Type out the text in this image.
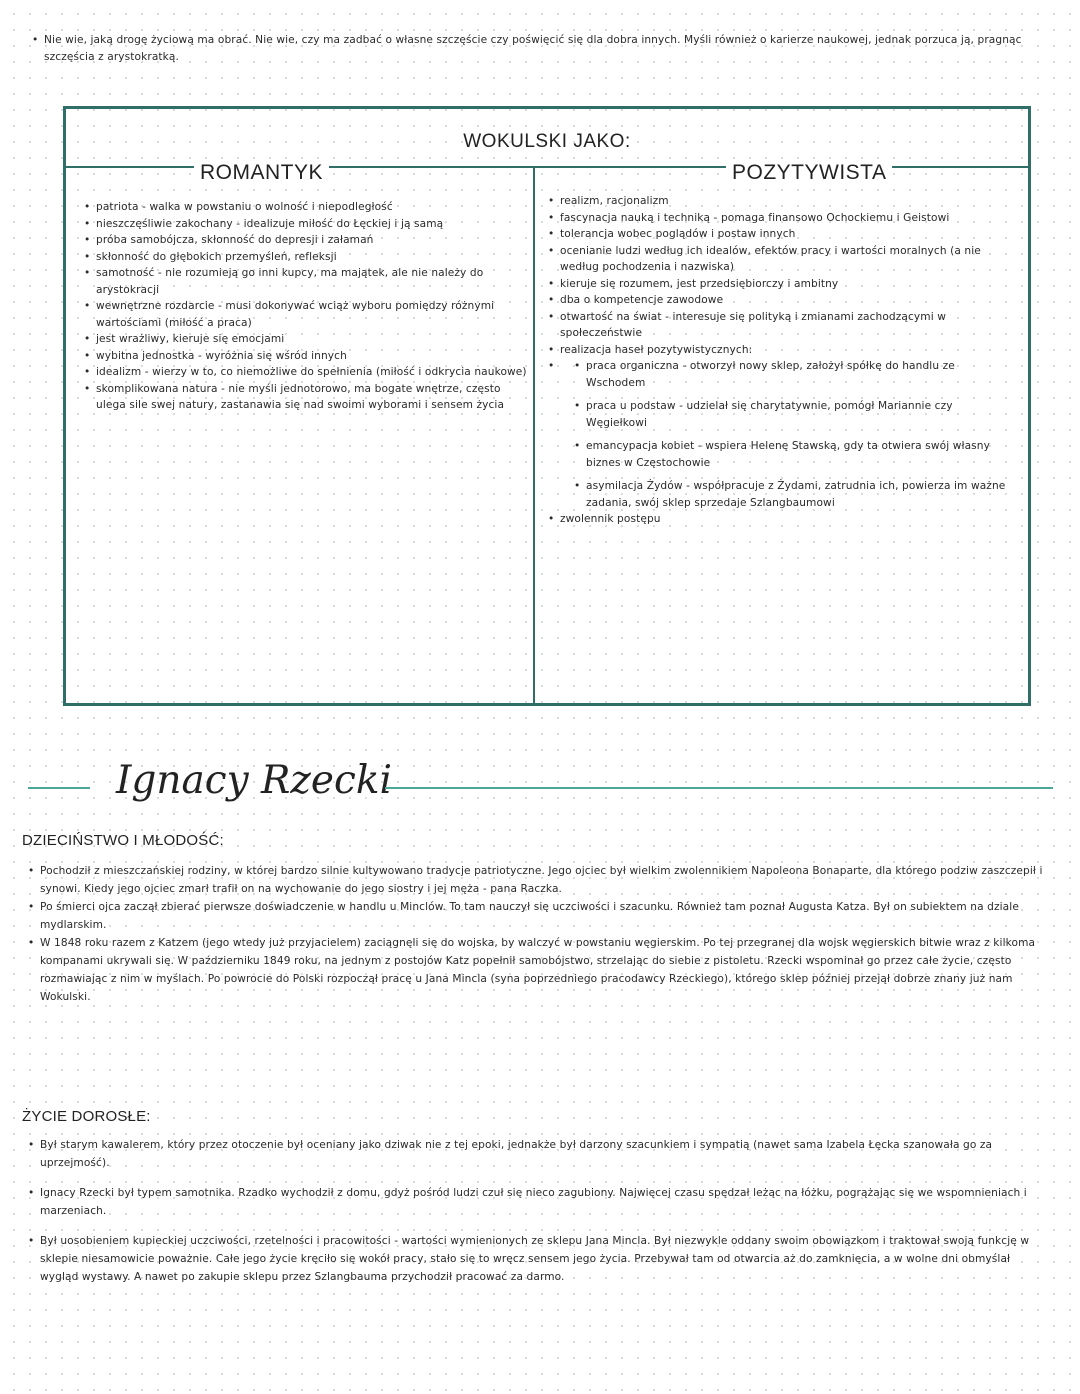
• Nie wie, jaką drogę życiową ma obrać. Nie wie, czy ma zadbać o własne szczęście czy poświęcić się dla dobra innych. Myśli również o karierze naukowej, jednak porzuca ją, pragnąc szczęścia z arystokratką.
WOKULSKI JAKO:
ROMANTYK	POZYTYWISTA
• patriota - walka w powstaniu o wolność i niepodległość
• nieszczęśliwie zakochany - idealizuje miłość do Łęckiej i ją samą
• próba samobójcza, skłonność do depresji i załamań
• skłonność do głębokich przemyśleń, refleksji
• samotność - nie rozumieją go inni kupcy, ma majątek, ale nie należy do arystokracji
• wewnętrzne rozdarcie - musi dokonywać wciąż wyboru pomiędzy różnymi wartościami (miłość a praca)
• jest wrażliwy, kieruje się emocjami
• wybitna jednostka - wyróżnia się wśród innych
• idealizm - wierzy w to, co niemożliwe do spełnienia (miłość i odkrycia naukowe)
• skomplikowana natura - nie myśli jednotorowo, ma bogate wnętrze, często ulega sile swej natury, zastanawia się nad swoimi wyborami i sensem życia
• realizm, racjonalizm
• fascynacja nauką i techniką - pomaga finansowo Ochockiemu i Geistowi
• tolerancja wobec poglądów i postaw innych
• ocenianie ludzi według ich idealów, efektów pracy i wartości moralnych (a nie według pochodzenia i nazwiska)
• kieruje się rozumem, jest przedsiębiorczy i ambitny
• dba o kompetencje zawodowe
• otwartość na świat - interesuje się polityką i zmianami zachodzącymi w społeczeństwie
• realizacja haseł pozytywistycznych:
• • praca organiczna - otworzył nowy sklep, założył spółkę do handlu ze Wschodem
• praca u podstaw - udzielał się charytatywnie, pomógł Mariannie czy Węgiełkowi
• emancypacja kobiet - wspiera Helenę Stawską, gdy ta otwiera swój własny biznes w Częstochowie
• asymilacja Żydów - współpracuje z Żydami, zatrudnia ich, powierza im ważne zadania, swój sklep sprzedaje Szlangbaumowi
• zwolennik postępu
Ignacy Rzecki
DZIECIŃSTWO I MŁODOŚĆ:
• Pochodził z mieszczańskiej rodziny, w której bardzo silnie kultywowano tradycje patriotyczne. Jego ojciec był wielkim zwolennikiem Napoleona Bonaparte, dla którego podziw zaszczepił i synowi. Kiedy jego ojciec zmarł trafił on na wychowanie do jego siostry i jej męża - pana Raczka.
• Po śmierci ojca zaczął zbierać pierwsze doświadczenie w handlu u Minclów. To tam nauczył się uczciwości i szacunku. Również tam poznał Augusta Katza. Był on subiektem na dziale mydlarskim.
• W 1848 roku razem z Katzem (jego wtedy już przyjacielem) zaciągnęli się do wojska, by walczyć w powstaniu węgierskim. Po tej przegranej dla wojsk węgierskich bitwie wraz z kilkoma kompanami ukrywali się. W październiku 1849 roku, na jednym z postojów Katz popełnił samobójstwo, strzelając do siebie z pistoletu. Rzecki wspominał go przez całe życie, często rozmawiając z nim w myślach. Po powrocie do Polski rozpoczął pracę u Jana Mincla (syna poprzedniego pracodawcy Rzeckiego), którego sklep później przejął dobrze znany już nam Wokulski.
ŻYCIE DOROSŁE:
• Był starym kawalerem, który przez otoczenie był oceniany jako dziwak nie z tej epoki, jednakże był darzony szacunkiem i sympatią (nawet sama Izabela Łęcka szanowała go za uprzejmość).
• Ignacy Rzecki był typem samotnika. Rzadko wychodził z domu, gdyż pośród ludzi czuł się nieco zagubiony. Najwięcej czasu spędzał leżąc na łóżku, pogrążając się we wspomnieniach i marzeniach.
• Był uosobieniem kupieckiej uczciwości, rzetelności i pracowitości - wartości wymienionych ze sklepu Jana Mincla. Był niezwykle oddany swoim obowiązkom i traktował swoją funkcję w sklepie niesamowicie poważnie. Całe jego życie kręciło się wokół pracy, stało się to wręcz sensem jego życia. Przebywał tam od otwarcia aż do zamknięcia, a w wolne dni obmyślał wygląd wystawy. A nawet po zakupie sklepu przez Szlangbauma przychodził pracować za darmo.
